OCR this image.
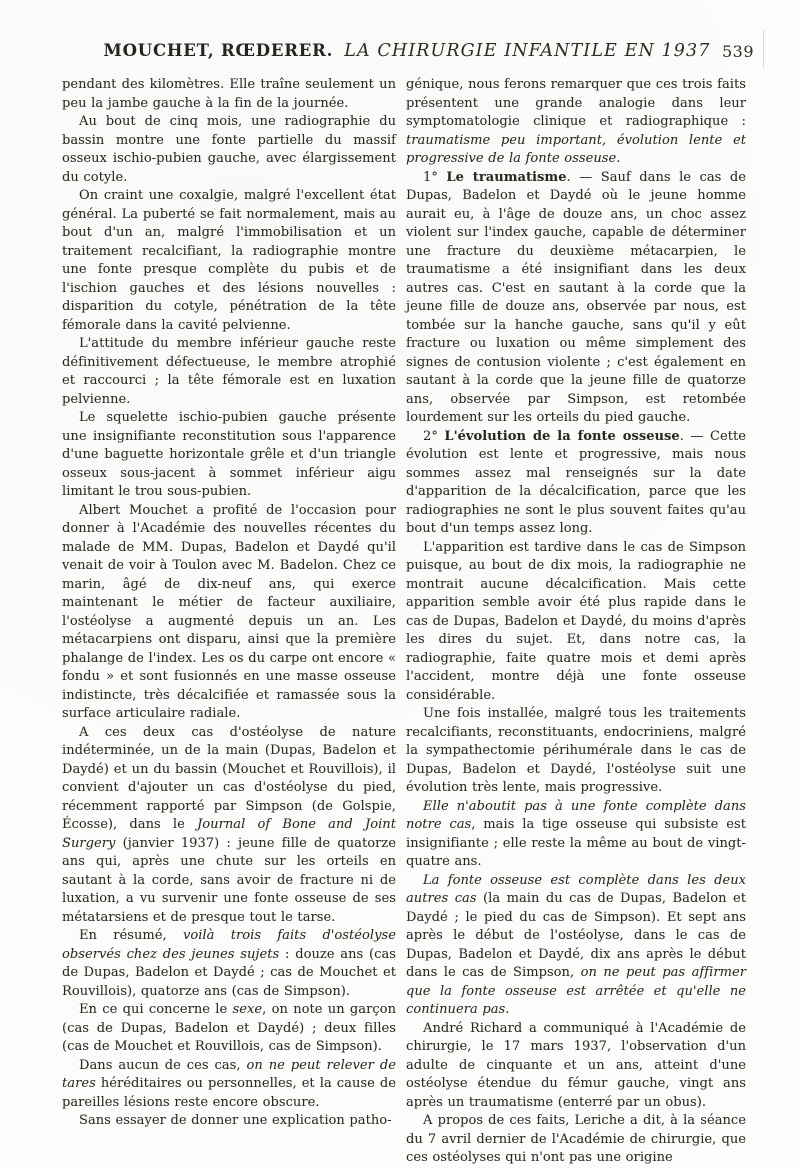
MOUCHET, RŒDERER. LA CHIRURGIE INFANTILE EN 1937 539

pendant des kilomètres. Elle traîne seulement un peu la jambe gauche à la fin de la journée.

Au bout de cinq mois, une radiographie du bassin montre une fonte partielle du massif osseux ischio-pubien gauche, avec élargissement du cotyle.

On craint une coxalgie, malgré l'excellent état général. La puberté se fait normalement, mais au bout d'un an, malgré l'immobilisation et un traitement recalcifiant, la radiographie montre une fonte presque complète du pubis et de l'ischion gauches et des lésions nouvelles : disparition du cotyle, pénétration de la tête fémorale dans la cavité pelvienne.

L'attitude du membre inférieur gauche reste définitivement défectueuse, le membre atrophié et raccourci ; la tête fémorale est en luxation pelvienne.

Le squelette ischio-pubien gauche présente une insignifiante reconstitution sous l'apparence d'une baguette horizontale grêle et d'un triangle osseux sous-jacent à sommet inférieur aigu limitant le trou sous-pubien.

Albert Mouchet a profité de l'occasion pour donner à l'Académie des nouvelles récentes du malade de MM. Dupas, Badelon et Daydé qu'il venait de voir à Toulon avec M. Badelon. Chez ce marin, âgé de dix-neuf ans, qui exerce maintenant le métier de facteur auxiliaire, l'ostéolyse a augmenté depuis un an. Les métacarpiens ont disparu, ainsi que la première phalange de l'index. Les os du carpe ont encore « fondu » et sont fusionnés en une masse osseuse indistincte, très décalcifiée et ramassée sous la surface articulaire radiale.

A ces deux cas d'ostéolyse de nature indéterminée, un de la main (Dupas, Badelon et Daydé) et un du bassin (Mouchet et Rouvillois), il convient d'ajouter un cas d'ostéolyse du pied, récemment rapporté par Simpson (de Golspie, Écosse), dans le Journal of Bone and Joint Surgery (janvier 1937) : jeune fille de quatorze ans qui, après une chute sur les orteils en sautant à la corde, sans avoir de fracture ni de luxation, a vu survenir une fonte osseuse de ses métatarsiens et de presque tout le tarse.

En résumé, voilà trois faits d'ostéolyse observés chez des jeunes sujets : douze ans (cas de Dupas, Badelon et Daydé ; cas de Mouchet et Rouvillois), quatorze ans (cas de Simpson).

En ce qui concerne le sexe, on note un garçon (cas de Dupas, Badelon et Daydé) ; deux filles (cas de Mouchet et Rouvillois, cas de Simpson).

Dans aucun de ces cas, on ne peut relever de tares héréditaires ou personnelles, et la cause de pareilles lésions reste encore obscure.

Sans essayer de donner une explication patho-

génique, nous ferons remarquer que ces trois faits présentent une grande analogie dans leur symptomatologie clinique et radiographique : traumatisme peu important, évolution lente et progressive de la fonte osseuse.

1° Le traumatisme. — Sauf dans le cas de Dupas, Badelon et Daydé où le jeune homme aurait eu, à l'âge de douze ans, un choc assez violent sur l'index gauche, capable de déterminer une fracture du deuxième métacarpien, le traumatisme a été insignifiant dans les deux autres cas. C'est en sautant à la corde que la jeune fille de douze ans, observée par nous, est tombée sur la hanche gauche, sans qu'il y eût fracture ou luxation ou même simplement des signes de contusion violente ; c'est également en sautant à la corde que la jeune fille de quatorze ans, observée par Simpson, est retombée lourdement sur les orteils du pied gauche.

2° L'évolution de la fonte osseuse. — Cette évolution est lente et progressive, mais nous sommes assez mal renseignés sur la date d'apparition de la décalcification, parce que les radiographies ne sont le plus souvent faites qu'au bout d'un temps assez long.

L'apparition est tardive dans le cas de Simpson puisque, au bout de dix mois, la radiographie ne montrait aucune décalcification. Mais cette apparition semble avoir été plus rapide dans le cas de Dupas, Badelon et Daydé, du moins d'après les dires du sujet. Et, dans notre cas, la radiographie, faite quatre mois et demi après l'accident, montre déjà une fonte osseuse considérable.

Une fois installée, malgré tous les traitements recalcifiants, reconstituants, endocriniens, malgré la sympathectomie périhumérale dans le cas de Dupas, Badelon et Daydé, l'ostéolyse suit une évolution très lente, mais progressive.

Elle n'aboutit pas à une fonte complète dans notre cas, mais la tige osseuse qui subsiste est insignifiante ; elle reste la même au bout de vingt-quatre ans.

La fonte osseuse est complète dans les deux autres cas (la main du cas de Dupas, Badelon et Daydé ; le pied du cas de Simpson). Et sept ans après le début de l'ostéolyse, dans le cas de Dupas, Badelon et Daydé, dix ans après le début dans le cas de Simpson, on ne peut pas affirmer que la fonte osseuse est arrêtée et qu'elle ne continuera pas.

André Richard a communiqué à l'Académie de chirurgie, le 17 mars 1937, l'observation d'un adulte de cinquante et un ans, atteint d'une ostéolyse étendue du fémur gauche, vingt ans après un traumatisme (enterré par un obus).

A propos de ces faits, Leriche a dit, à la séance du 7 avril dernier de l'Académie de chirurgie, que ces ostéolyses qui n'ont pas une origine
